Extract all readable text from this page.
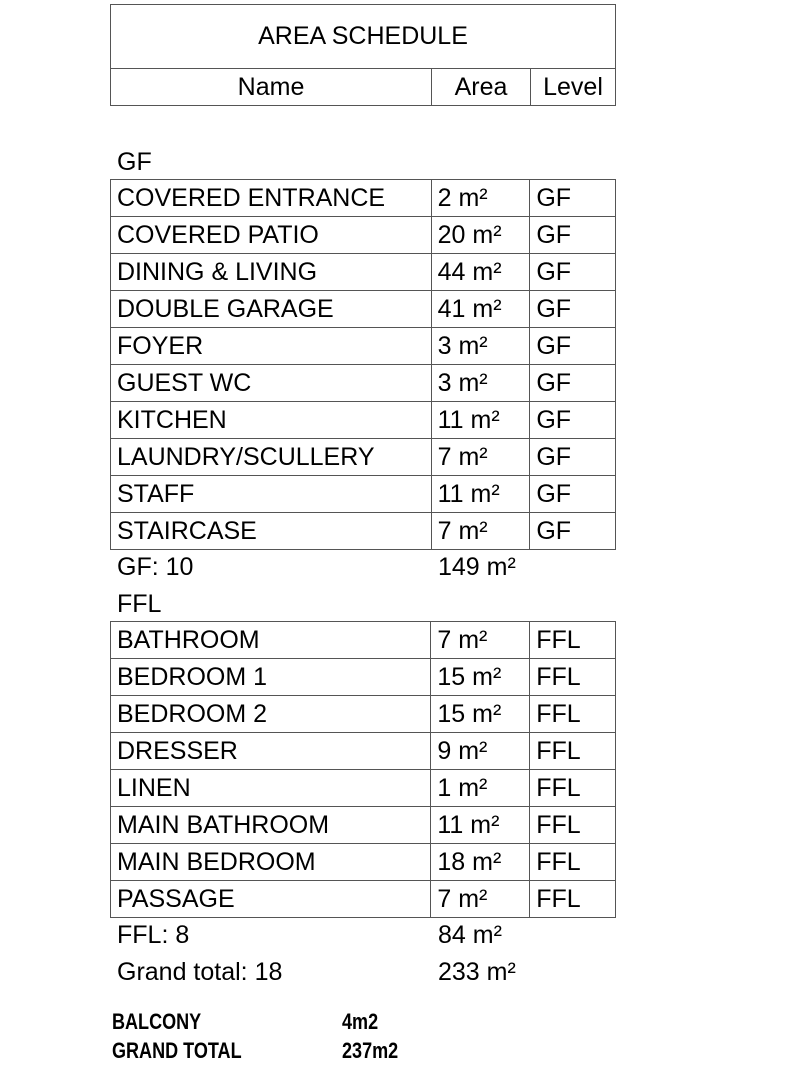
AREA SCHEDULE
Name	Area	Level
GF
COVERED ENTRANCE	2 m²	GF
COVERED PATIO	20 m²	GF
DINING & LIVING	44 m²	GF
DOUBLE GARAGE	41 m²	GF
FOYER	3 m²	GF
GUEST WC	3 m²	GF
KITCHEN	11 m²	GF
LAUNDRY/SCULLERY	7 m²	GF
STAFF	11 m²	GF
STAIRCASE	7 m²	GF
GF: 10	149 m²
FFL
BATHROOM	7 m²	FFL
BEDROOM 1	15 m²	FFL
BEDROOM 2	15 m²	FFL
DRESSER	9 m²	FFL
LINEN	1 m²	FFL
MAIN BATHROOM	11 m²	FFL
MAIN BEDROOM	18 m²	FFL
PASSAGE	7 m²	FFL
FFL: 8	84 m²
Grand total: 18	233 m²
BALCONY	4m2
GRAND TOTAL	237m2
